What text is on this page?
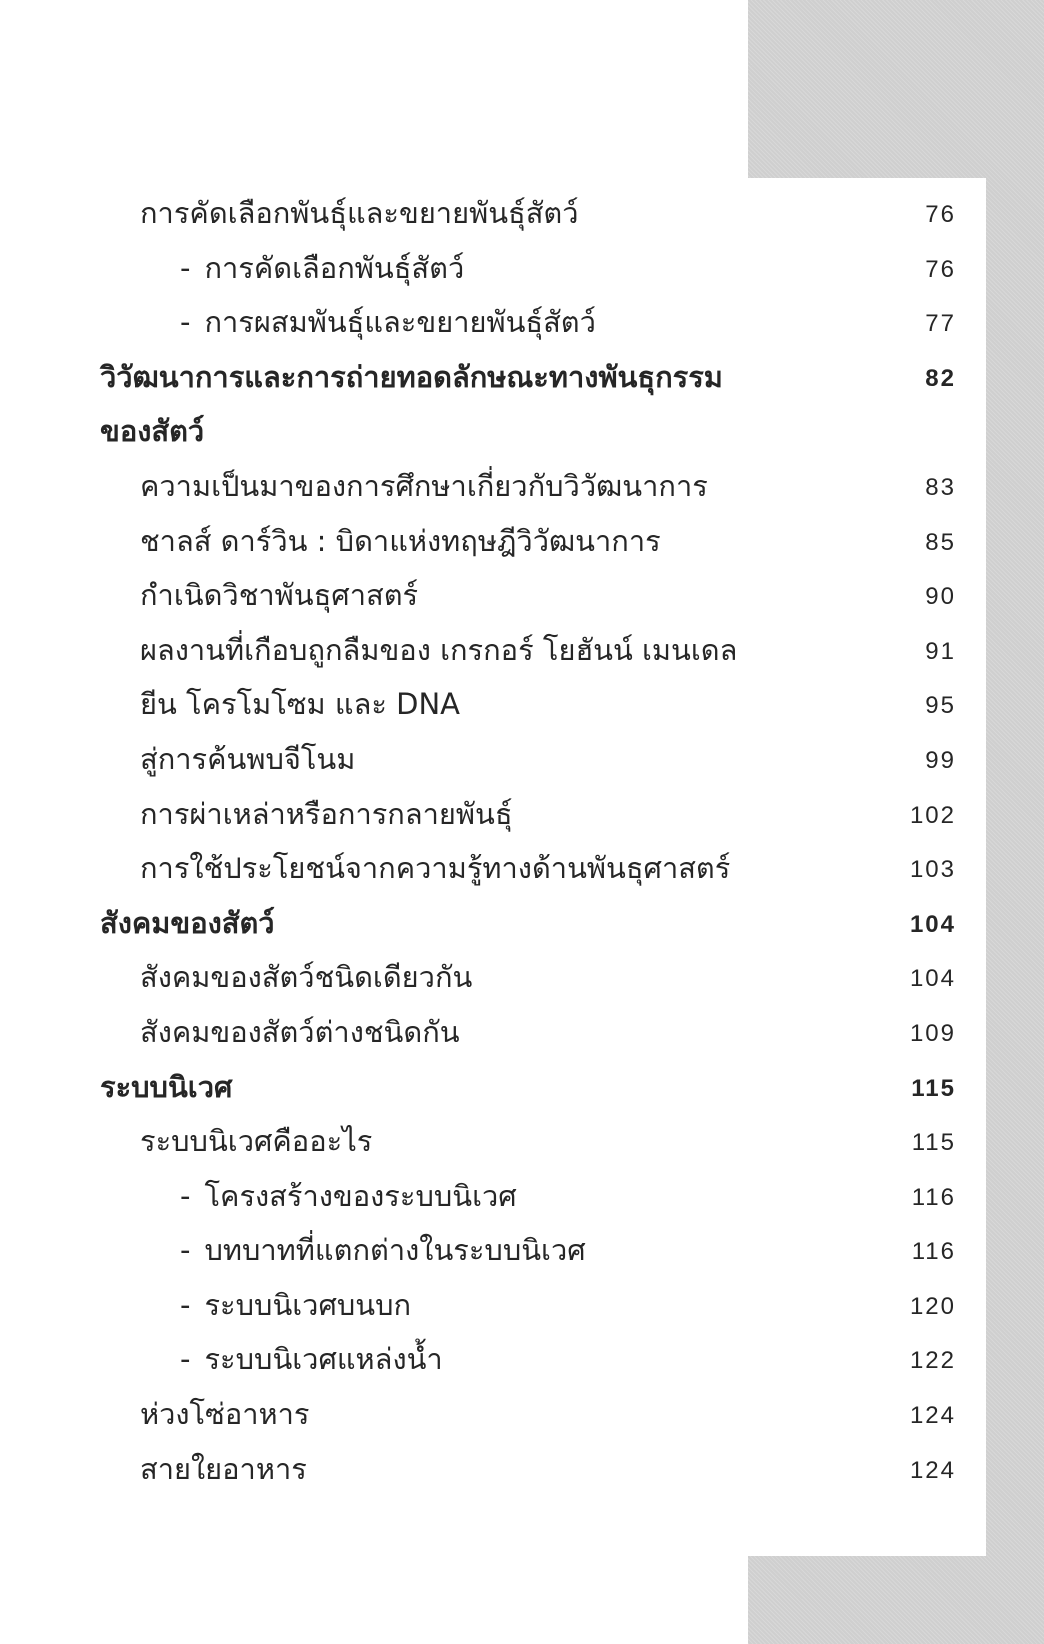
การคัดเลือกพันธุ์และขยายพันธุ์สัตว์	76
- การคัดเลือกพันธุ์สัตว์	76
- การผสมพันธุ์และขยายพันธุ์สัตว์	77
วิวัฒนาการและการถ่ายทอดลักษณะทางพันธุกรรม	82
ของสัตว์
ความเป็นมาของการศึกษาเกี่ยวกับวิวัฒนาการ	83
ชาลส์ ดาร์วิน : บิดาแห่งทฤษฎีวิวัฒนาการ	85
กำเนิดวิชาพันธุศาสตร์	90
ผลงานที่เกือบถูกลืมของ เกรกอร์ โยฮันน์ เมนเดล	91
ยีน โครโมโซม และ DNA	95
สู่การค้นพบจีโนม	99
การผ่าเหล่าหรือการกลายพันธุ์	102
การใช้ประโยชน์จากความรู้ทางด้านพันธุศาสตร์	103
สังคมของสัตว์	104
สังคมของสัตว์ชนิดเดียวกัน	104
สังคมของสัตว์ต่างชนิดกัน	109
ระบบนิเวศ	115
ระบบนิเวศคืออะไร	115
- โครงสร้างของระบบนิเวศ	116
- บทบาทที่แตกต่างในระบบนิเวศ	116
- ระบบนิเวศบนบก	120
- ระบบนิเวศแหล่งน้ำ	122
ห่วงโซ่อาหาร	124
สายใยอาหาร	124
